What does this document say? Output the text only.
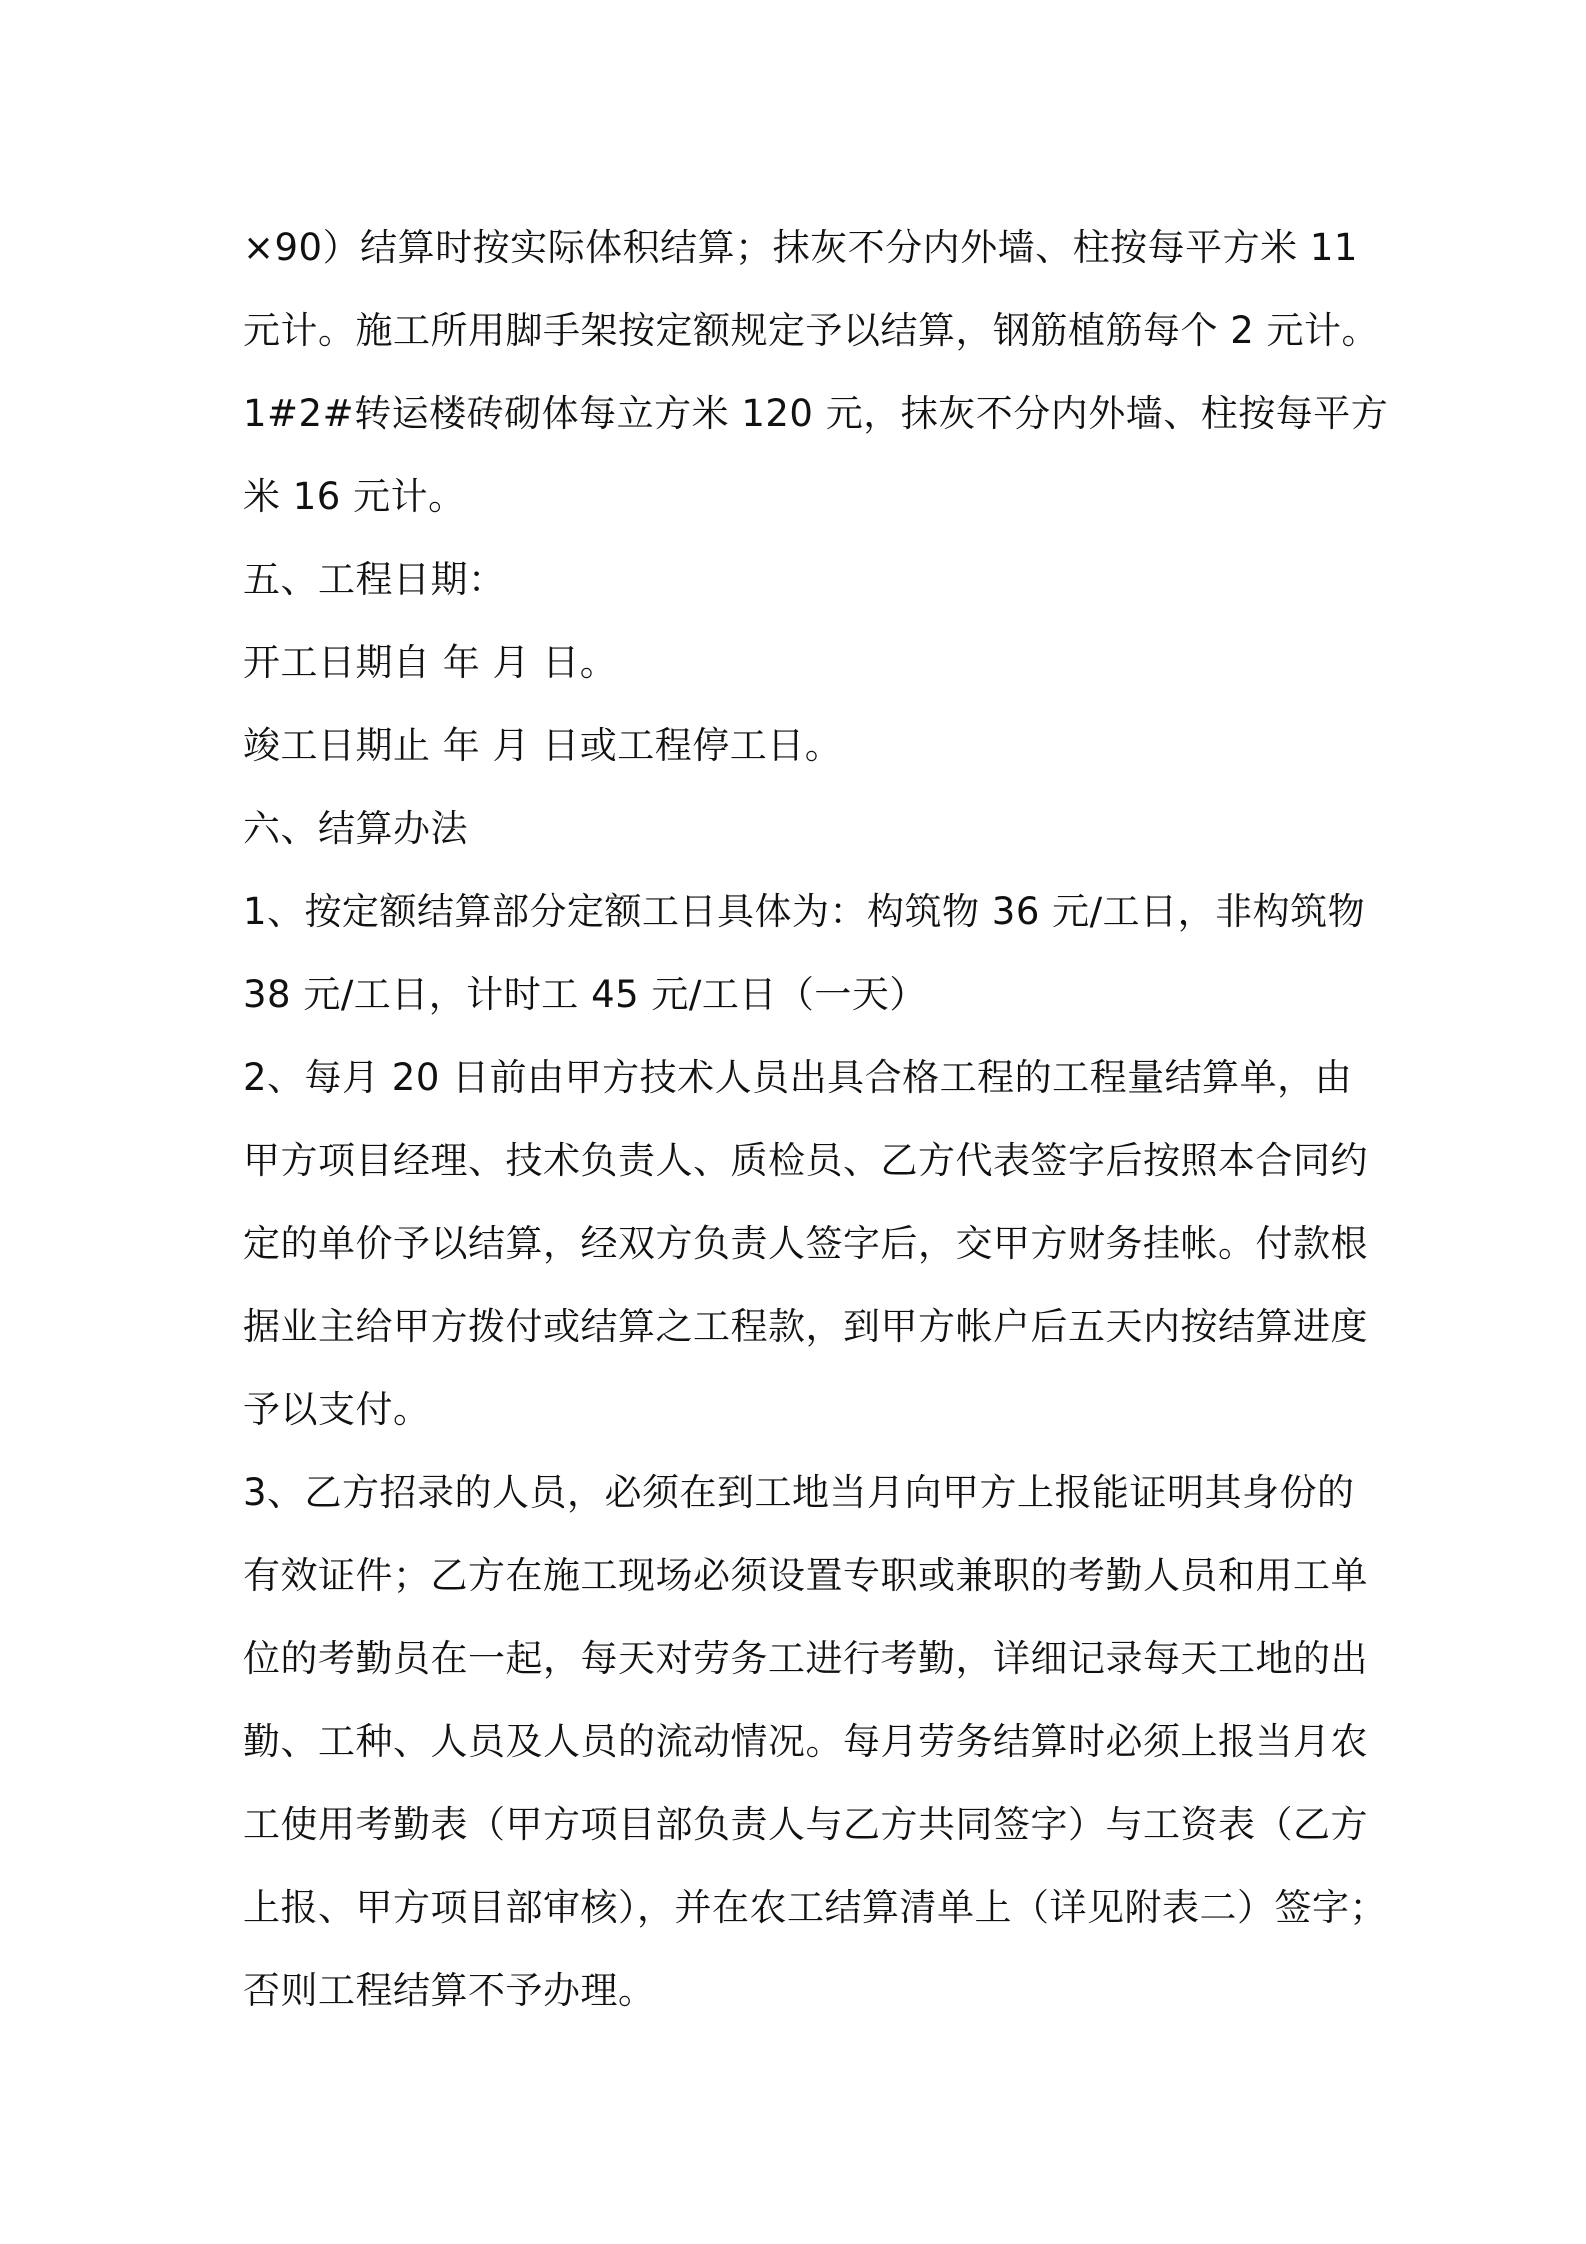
×90）结算时按实际体积结算；抹灰不分内外墙、柱按每平方米 11
元计。施工所用脚手架按定额规定予以结算，钢筋植筋每个 2 元计。
1#2#转运楼砖砌体每立方米 120 元，抹灰不分内外墙、柱按每平方
米 16 元计。
五、工程日期：
开工日期自 年 月 日。
竣工日期止 年 月 日或工程停工日。
六、结算办法
1、按定额结算部分定额工日具体为：构筑物 36 元/工日，非构筑物
38 元/工日，计时工 45 元/工日（一天）
2、每月 20 日前由甲方技术人员出具合格工程的工程量结算单，由
甲方项目经理、技术负责人、质检员、乙方代表签字后按照本合同约
定的单价予以结算，经双方负责人签字后，交甲方财务挂帐。付款根
据业主给甲方拨付或结算之工程款，到甲方帐户后五天内按结算进度
予以支付。
3、乙方招录的人员，必须在到工地当月向甲方上报能证明其身份的
有效证件；乙方在施工现场必须设置专职或兼职的考勤人员和用工单
位的考勤员在一起，每天对劳务工进行考勤，详细记录每天工地的出
勤、工种、人员及人员的流动情况。每月劳务结算时必须上报当月农
工使用考勤表（甲方项目部负责人与乙方共同签字）与工资表（乙方
上报、甲方项目部审核），并在农工结算清单上（详见附表二）签字；
否则工程结算不予办理。
